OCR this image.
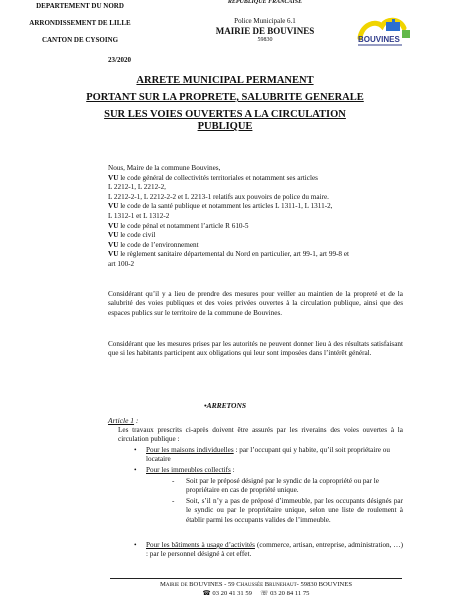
DEPARTEMENT DU NORD
ARRONDISSEMENT DE LILLE
CANTON DE CYSOING
REPUBLIQUE FRANCAISE
Police Municipale 6.1
MAIRIE DE BOUVINES
59830	BOUVINES
23/2020
ARRETE MUNICIPAL PERMANENT
PORTANT SUR LA PROPRETE, SALUBRITE GENERALE
SUR LES VOIES OUVERTES A LA CIRCULATION
PUBLIQUE

Nous, Maire de la commune Bouvines,

VU le code général de collectivités territoriales et notamment ses articles
L 2212-1, L 2212-2,
L 2212-2-1, L 2212-2-2 et L 2213-1 relatifs aux pouvoirs de police du maire.
VU le code de la santé publique et notamment les articles L 1311-1, L 1311-2,
L 1312-1 et L 1312-2
VU le code pénal et notamment l’article R 610-5
VU le code civil
VU le code de l’environnement
VU le règlement sanitaire départemental du Nord en particulier, art 99-1, art 99-8 et
art 100-2
Considérant qu’il y a lieu de prendre des mesures pour veiller au maintien de la propreté et de la salubrité des voies publiques et des voies privées ouvertes à la circulation publique, ainsi que des espaces publics sur le territoire de la commune de Bouvines.
Considérant que les mesures prises par les autorités ne peuvent donner lieu à des résultats satisfaisant que si les habitants participent aux obligations qui leur sont imposées dans l’intérêt général.
•ARRETONS
Article 1 :
Les travaux prescrits ci-après doivent être assurés par les riverains des voies ouvertes à la circulation publique :
• Pour les maisons individuelles : par l’occupant qui y habite, qu’il soit propriétaire ou locataire
• Pour les immeubles collectifs :
- Soit par le préposé désigné par le syndic de la copropriété ou par le propriétaire en cas de propriété unique.
- Soit, s’il n’y a pas de préposé d’immeuble, par les occupants désignés par le syndic ou par le propriétaire unique, selon une liste de roulement à établir parmi les occupants valides de l’immeuble.
• Pour les bâtiments à usage d’activités (commerce, artisan, entreprise, administration, …) : par le personnel désigné à cet effet.
Mairie de BOUVINES - 59 Chaussée Brunehaut- 59830 BOUVINES
☎ 03 20 41 31 59 ☏ 03 20 84 11 75
